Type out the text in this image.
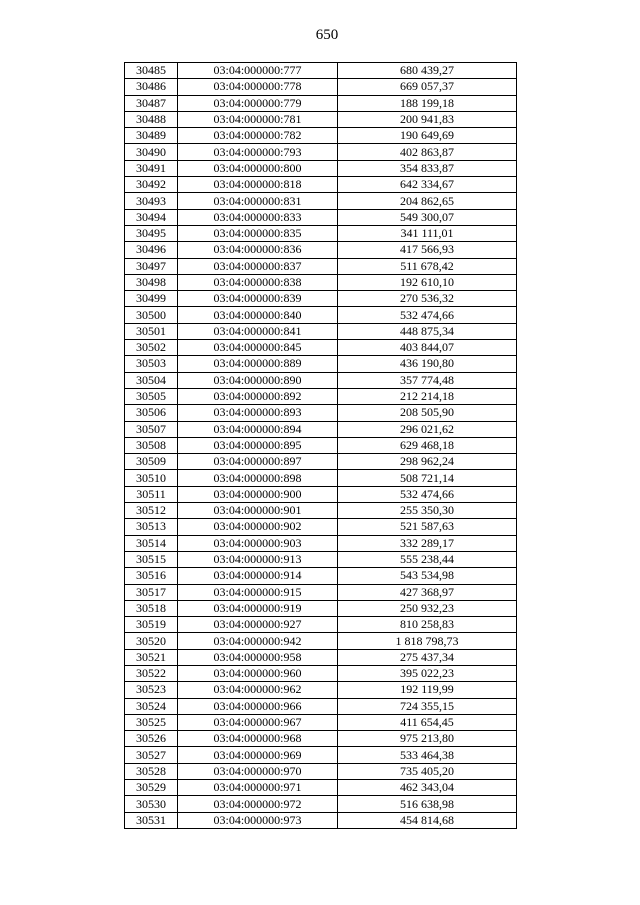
650
30485	03:04:000000:777	680 439,27
30486	03:04:000000:778	669 057,37
30487	03:04:000000:779	188 199,18
30488	03:04:000000:781	200 941,83
30489	03:04:000000:782	190 649,69
30490	03:04:000000:793	402 863,87
30491	03:04:000000:800	354 833,87
30492	03:04:000000:818	642 334,67
30493	03:04:000000:831	204 862,65
30494	03:04:000000:833	549 300,07
30495	03:04:000000:835	341 111,01
30496	03:04:000000:836	417 566,93
30497	03:04:000000:837	511 678,42
30498	03:04:000000:838	192 610,10
30499	03:04:000000:839	270 536,32
30500	03:04:000000:840	532 474,66
30501	03:04:000000:841	448 875,34
30502	03:04:000000:845	403 844,07
30503	03:04:000000:889	436 190,80
30504	03:04:000000:890	357 774,48
30505	03:04:000000:892	212 214,18
30506	03:04:000000:893	208 505,90
30507	03:04:000000:894	296 021,62
30508	03:04:000000:895	629 468,18
30509	03:04:000000:897	298 962,24
30510	03:04:000000:898	508 721,14
30511	03:04:000000:900	532 474,66
30512	03:04:000000:901	255 350,30
30513	03:04:000000:902	521 587,63
30514	03:04:000000:903	332 289,17
30515	03:04:000000:913	555 238,44
30516	03:04:000000:914	543 534,98
30517	03:04:000000:915	427 368,97
30518	03:04:000000:919	250 932,23
30519	03:04:000000:927	810 258,83
30520	03:04:000000:942	1 818 798,73
30521	03:04:000000:958	275 437,34
30522	03:04:000000:960	395 022,23
30523	03:04:000000:962	192 119,99
30524	03:04:000000:966	724 355,15
30525	03:04:000000:967	411 654,45
30526	03:04:000000:968	975 213,80
30527	03:04:000000:969	533 464,38
30528	03:04:000000:970	735 405,20
30529	03:04:000000:971	462 343,04
30530	03:04:000000:972	516 638,98
30531	03:04:000000:973	454 814,68
